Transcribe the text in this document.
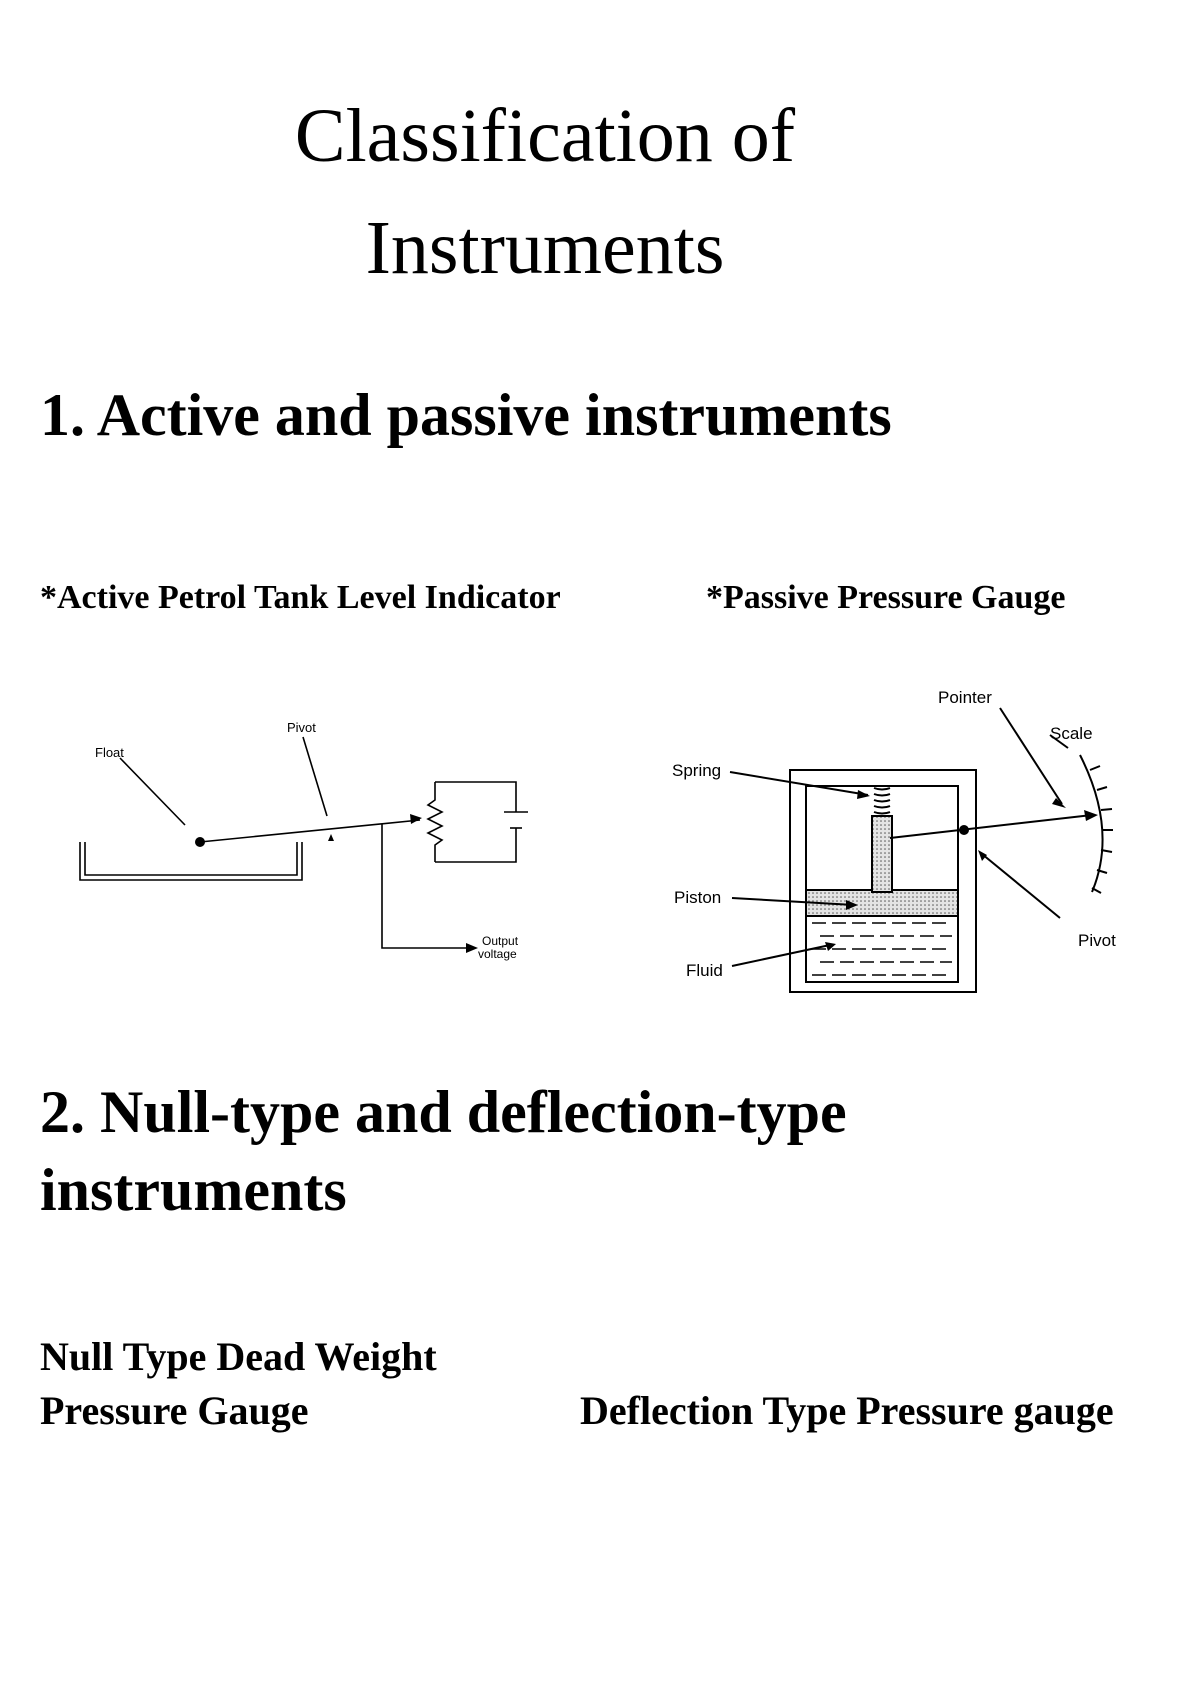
Classification of
Instruments
1. Active and passive instruments
*Active Petrol Tank Level Indicator	*Passive Pressure Gauge
Float
Pivot
Output
voltage
Pointer
Scale
Spring
Piston
Fluid
Pivot
2. Null-type and deflection-type
instruments
Null Type Dead Weight
Pressure Gauge	Deflection Type Pressure gauge
